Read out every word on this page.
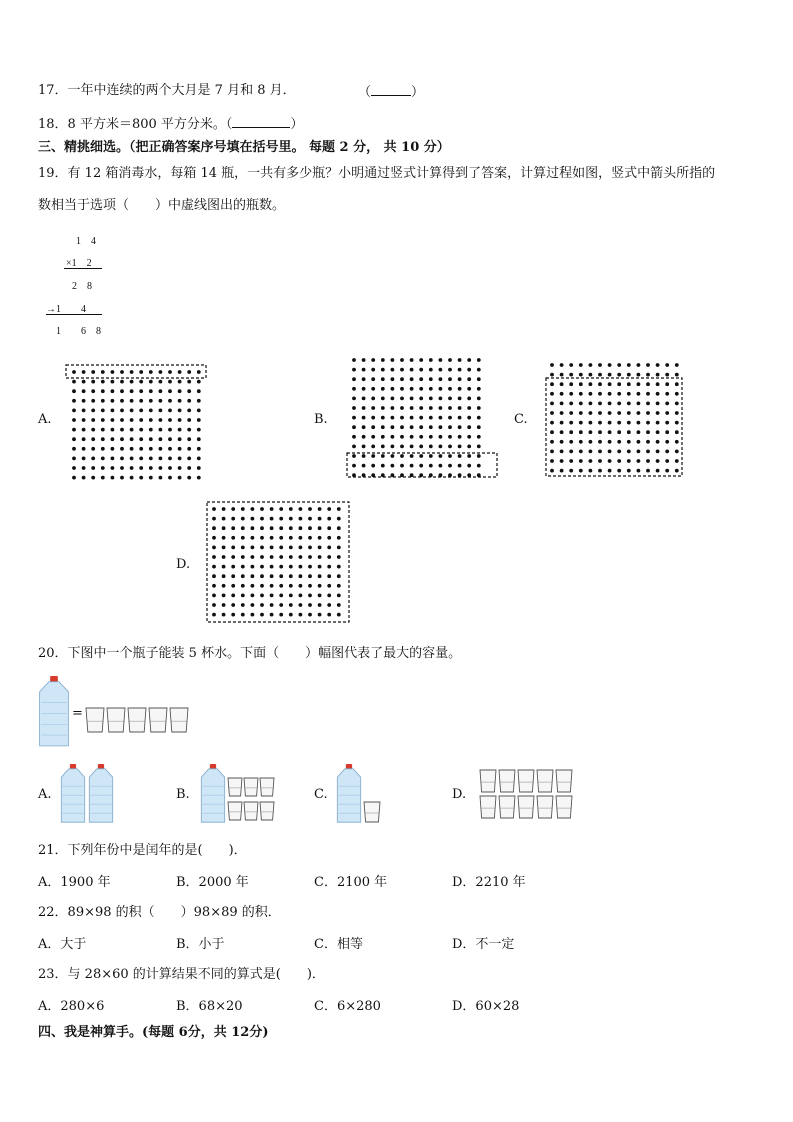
17．一年中连续的两个大月是 7 月和 8 月．	（	）
18．8 平方米＝800 平方分米。（	）
三、精挑细选。（把正确答案序号填在括号里。 每题 2 分， 共 10 分）
19．有 12 箱消毒水，每箱 14 瓶，一共有多少瓶？小明通过竖式计算得到了答案，计算过程如图，竖式中箭头所指的
数相当于选项（　　）中虚线图出的瓶数。
1　4
×1　2
2　8
→1　　4
1　　6　8
A.	B.	C.
D.
20．下图中一个瓶子能装 5 杯水。下面（　　）幅图代表了最大的容量。
=
A.	B.	C.	D.
21．下列年份中是闰年的是(　　)．
A．1900 年	B．2000 年	C．2100 年	D．2210 年
22．89×98 的积（　　）98×89 的积．
A．大于	B．小于	C．相等	D．不一定
23．与 28×60 的计算结果不同的算式是(　　)．
A．280×6	B．68×20	C．6×280	D．60×28
四、我是神算手。(每题 6分，共 12分)
